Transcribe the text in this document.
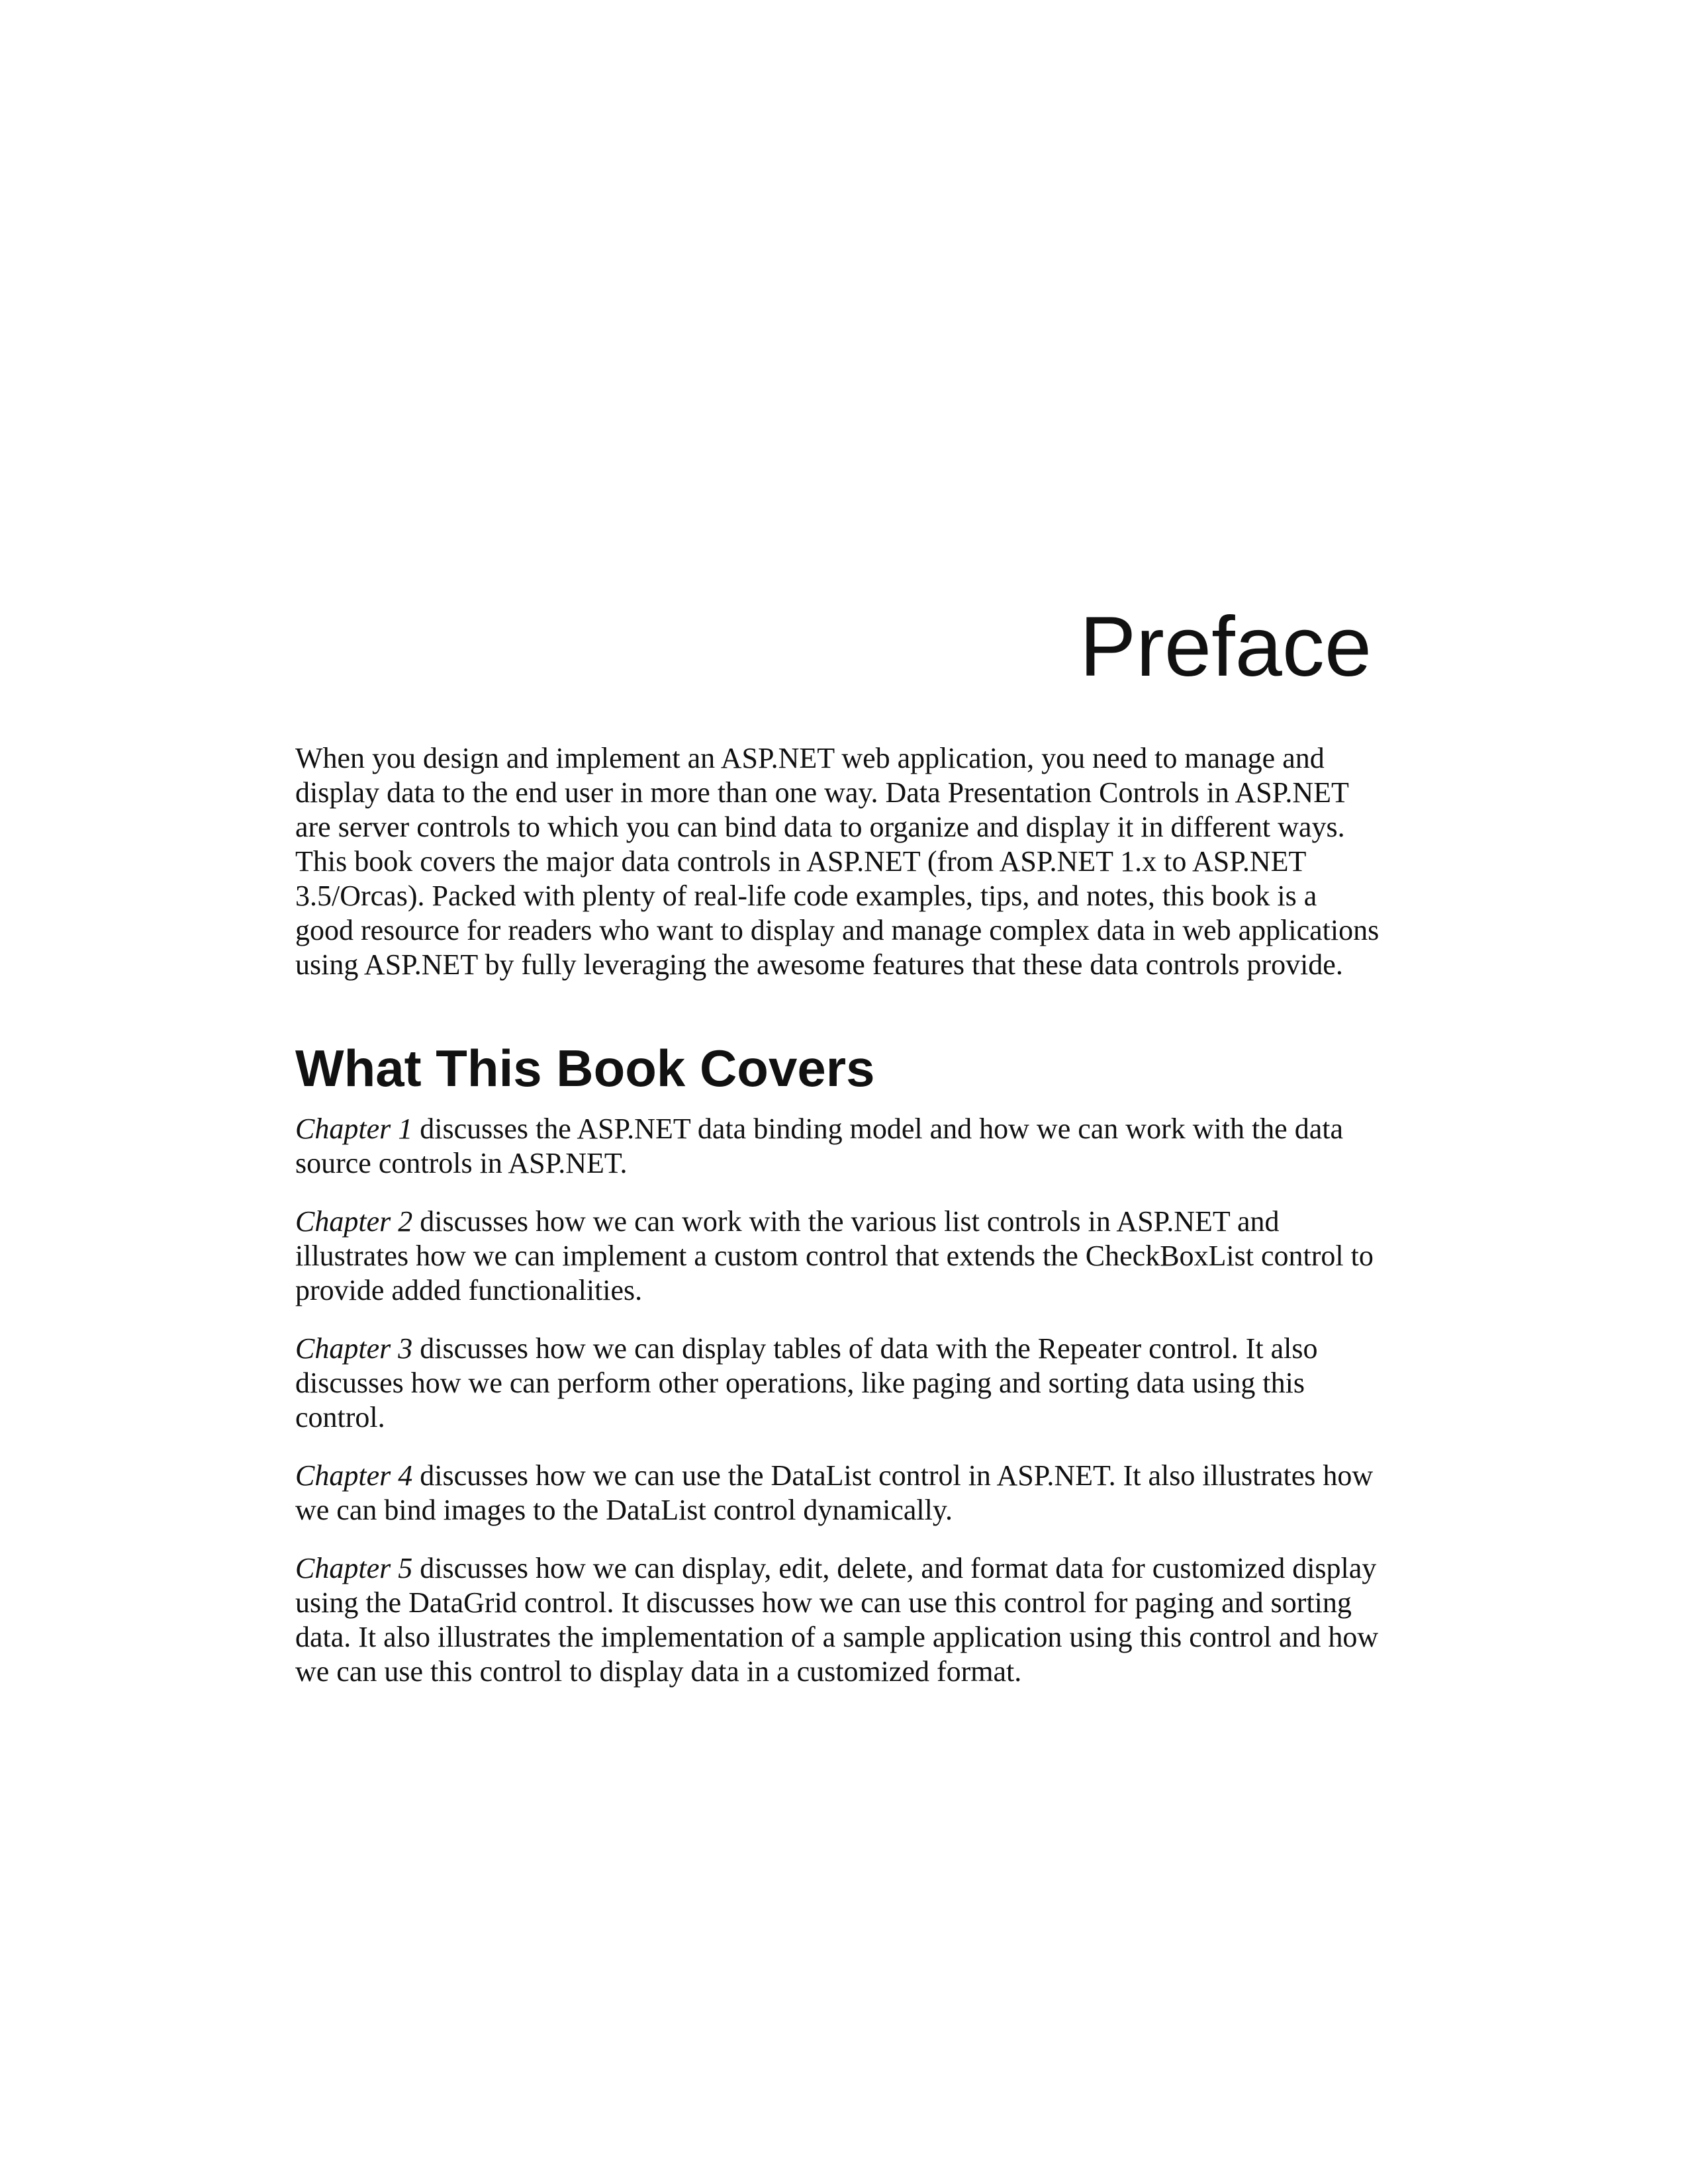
Preface

When you design and implement an ASP.NET web application, you need to manage and display data to the end user in more than one way. Data Presentation Controls in ASP.NET are server controls to which you can bind data to organize and display it in different ways. This book covers the major data controls in ASP.NET (from ASP.NET 1.x to ASP.NET 3.5/Orcas). Packed with plenty of real-life code examples, tips, and notes, this book is a good resource for readers who want to display and manage complex data in web applications using ASP.NET by fully leveraging the awesome features that these data controls provide.

What This Book Covers

Chapter 1 discusses the ASP.NET data binding model and how we can work with the data source controls in ASP.NET.

Chapter 2 discusses how we can work with the various list controls in ASP.NET and illustrates how we can implement a custom control that extends the CheckBoxList control to provide added functionalities.

Chapter 3 discusses how we can display tables of data with the Repeater control. It also discusses how we can perform other operations, like paging and sorting data using this control.

Chapter 4 discusses how we can use the DataList control in ASP.NET. It also illustrates how we can bind images to the DataList control dynamically.

Chapter 5 discusses how we can display, edit, delete, and format data for customized display using the DataGrid control. It discusses how we can use this control for paging and sorting data. It also illustrates the implementation of a sample application using this control and how we can use this control to display data in a customized format.
